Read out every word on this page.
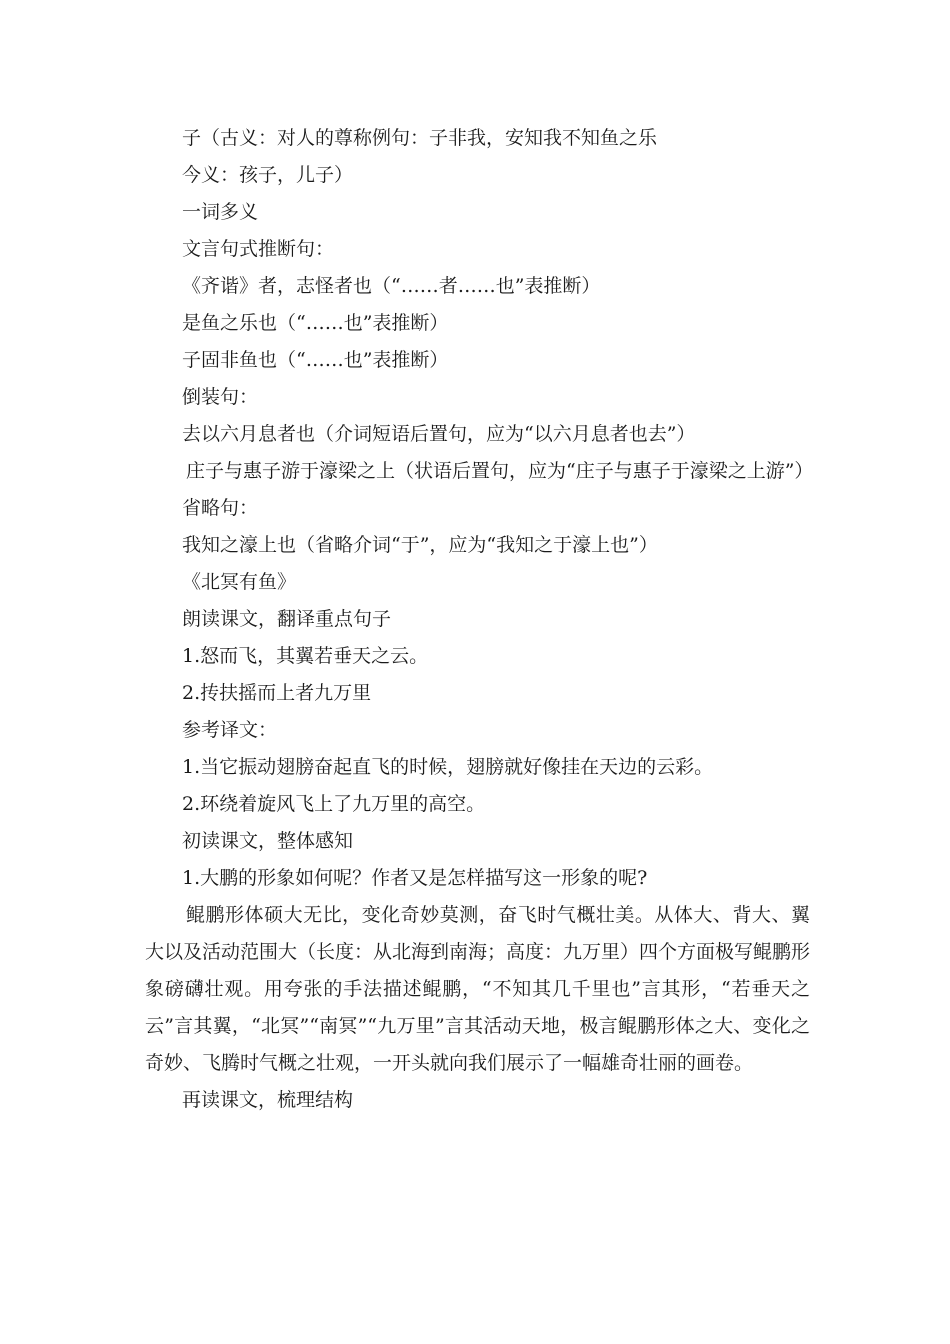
子（古义：对人的尊称例句：子非我，安知我不知鱼之乐
今义：孩子，儿子）
一词多义
文言句式推断句：
《齐谐》者，志怪者也（“……者……也”表推断）
是鱼之乐也（“……也”表推断）
子固非鱼也（“……也”表推断）
倒装句：
去以六月息者也（介词短语后置句，应为“以六月息者也去”）
庄子与惠子游于濠梁之上（状语后置句，应为“庄子与惠子于濠梁之上游”）
省略句：
我知之濠上也（省略介词“于”，应为“我知之于濠上也”）
《北冥有鱼》
朗读课文，翻译重点句子
1.怒而飞，其翼若垂天之云。
2.抟扶摇而上者九万里
参考译文：
1.当它振动翅膀奋起直飞的时候，翅膀就好像挂在天边的云彩。
2.环绕着旋风飞上了九万里的高空。
初读课文，整体感知
1.大鹏的形象如何呢？作者又是怎样描写这一形象的呢?
鲲鹏形体硕大无比，变化奇妙莫测，奋飞时气概壮美。从体大、背大、翼大以及活动范围大（长度：从北海到南海；高度：九万里）四个方面极写鲲鹏形象磅礴壮观。用夸张的手法描述鲲鹏，“不知其几千里也”言其形，“若垂天之云”言其翼，“北冥”“南冥”“九万里”言其活动天地，极言鲲鹏形体之大、变化之奇妙、飞腾时气概之壮观，一开头就向我们展示了一幅雄奇壮丽的画卷。
再读课文，梳理结构
